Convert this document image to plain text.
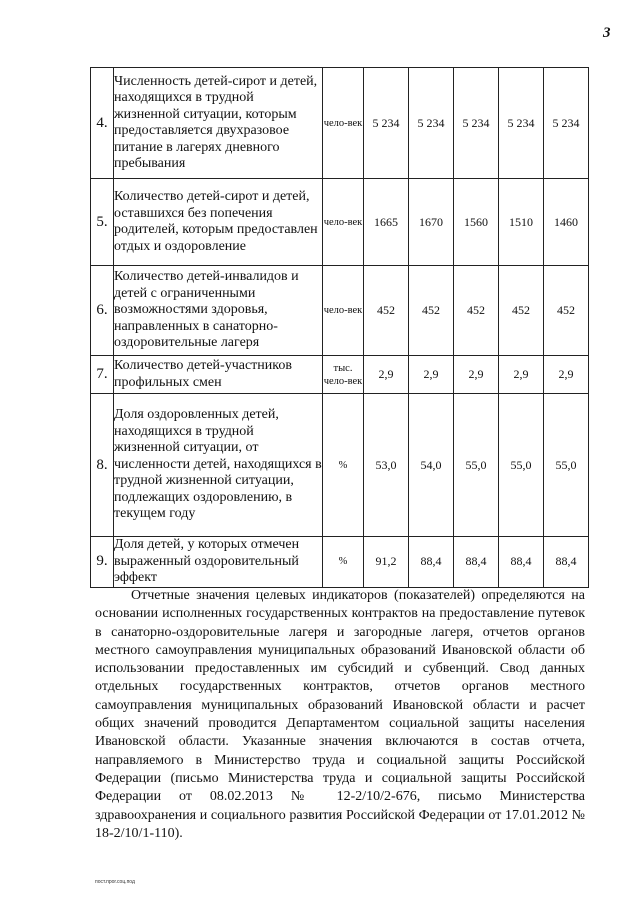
3
4.	Численность детей-сирот и детей, находящихся в трудной жизненной ситуации, которым предоставляется двухразовое питание в лагерях дневного пребывания	чело-век	5 234	5 234	5 234	5 234	5 234
5.	Количество детей-сирот и детей, оставшихся без попечения родителей, которым предоставлен отдых и оздоровление	чело-век	1665	1670	1560	1510	1460
6.	Количество детей-инвалидов и детей с ограниченными возможностями здоровья, направленных в санаторно-оздоровительные лагеря	чело-век	452	452	452	452	452
7.	Количество детей-участников профильных смен	тыс. чело-век	2,9	2,9	2,9	2,9	2,9
8.	Доля оздоровленных детей, находящихся в трудной жизненной ситуации, от численности детей, находящихся в трудной жизненной ситуации, подлежащих оздоровлению, в текущем году	%	53,0	54,0	55,0	55,0	55,0
9.	Доля детей, у которых отмечен выраженный оздоровительный эффект	%	91,2	88,4	88,4	88,4	88,4
Отчетные значения целевых индикаторов (показателей) определяются на основании исполненных государственных контрактов на предоставление путевок в санаторно-оздоровительные лагеря и загородные лагеря, отчетов органов местного самоуправления муниципальных образований Ивановской области об использовании предоставленных им субсидий и субвенций. Свод данных отдельных государственных контрактов, отчетов органов местного самоуправления муниципальных образований Ивановской области и расчет общих значений проводится Департаментом социальной защиты населения Ивановской области. Указанные значения включаются в состав отчета, направляемого в Министерство труда и социальной защиты Российской Федерации (письмо Министерства труда и социальной защиты Российской Федерации от 08.02.2013 № 12-2/10/2-676, письмо Министерства здравоохранения и социального развития Российской Федерации от 17.01.2012 № 18-2/10/1-110).
пост.прог.соц.под
